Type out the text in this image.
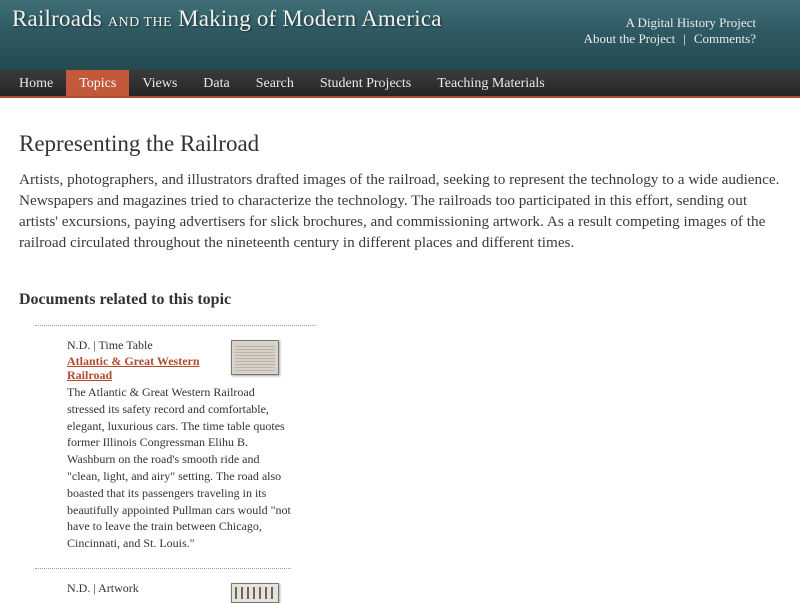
Railroads AND THE Making of Modern America	A Digital History Project
About the Project | Comments?
Home	Topics	Views	Data	Search	Student Projects	Teaching Materials
Representing the Railroad

Artists, photographers, and illustrators drafted images of the railroad, seeking to represent the technology to a wide audience. Newspapers and magazines tried to characterize the technology. The railroads too participated in this effort, sending out artists' excursions, paying advertisers for slick brochures, and commissioning artwork. As a result competing images of the railroad circulated throughout the nineteenth century in different places and different times.

Documents related to this topic
N.D. | Time Table
Atlantic & Great Western
Railroad

The Atlantic & Great Western Railroad stressed its safety record and comfortable, elegant, luxurious cars. The time table quotes former Illinois Congressman Elihu B. Washburn on the road's smooth ride and "clean, light, and airy" setting. The road also boasted that its passengers traveling in its beautifully appointed Pullman cars would "not have to leave the train between Chicago, Cincinnati, and St. Louis."

N.D. | Artwork
